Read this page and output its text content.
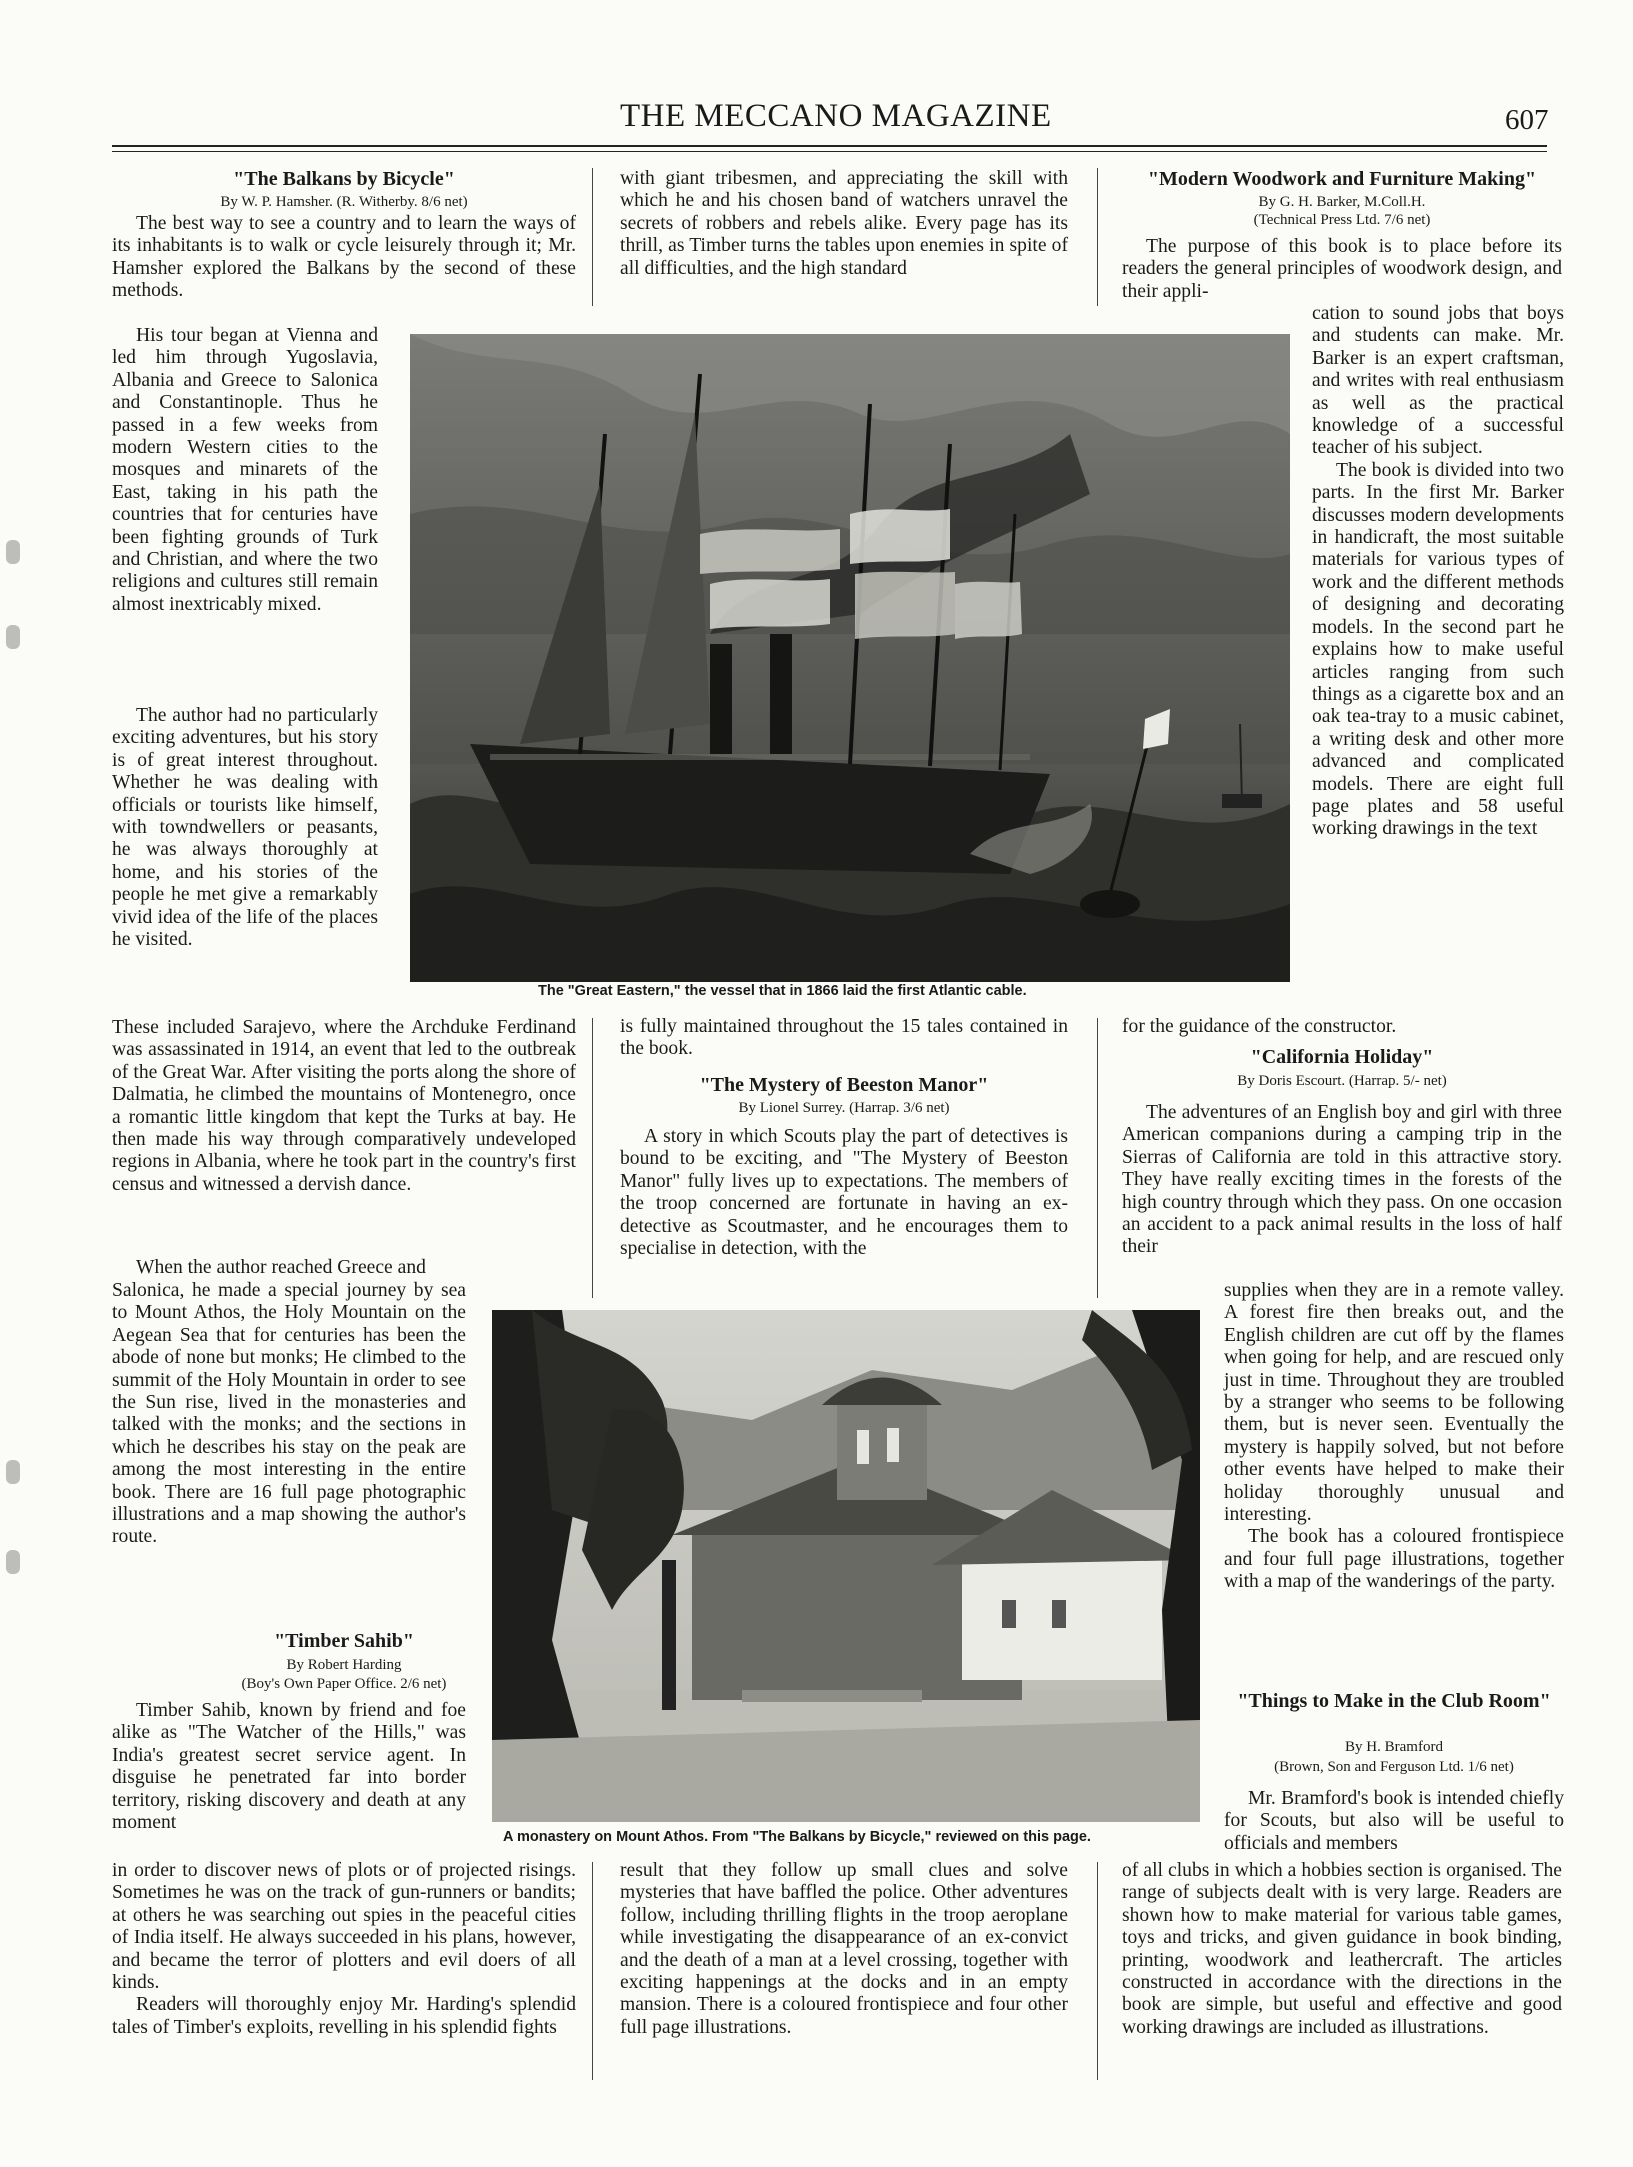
THE MECCANO MAGAZINE	607
"The Balkans by Bicycle"
By W. P. Hamsher. (R. Witherby. 8/6 net)

The best way to see a country and to learn the ways of its inhabitants is to walk or cycle leisurely through it; Mr. Hamsher explored the Balkans by the second of these methods.

His tour began at Vienna and led him through Yugoslavia, Albania and Greece to Salonica and Constantinople. Thus he passed in a few weeks from modern Western cities to the mosques and minarets of the East, taking in his path the countries that for centuries have been fighting grounds of Turk and Christian, and where the two religions and cultures still remain almost inextricably mixed.

The author had no particularly exciting adventures, but his story is of great interest throughout. Whether he was dealing with officials or tourists like himself, with towndwellers or peasants, he was always thoroughly at home, and his stories of the people he met give a remarkably vivid idea of the life of the places he visited.

These included Sarajevo, where the Archduke Ferdinand was assassinated in 1914, an event that led to the outbreak of the Great War. After visiting the ports along the shore of Dalmatia, he climbed the mountains of Montenegro, once a romantic little kingdom that kept the Turks at bay. He then made his way through comparatively undeveloped regions in Albania, where he took part in the country's first census and witnessed a dervish dance.

When the author reached Greece and

Salonica, he made a special journey by sea to Mount Athos, the Holy Mountain on the Aegean Sea that for centuries has been the abode of none but monks; He climbed to the summit of the Holy Mountain in order to see the Sun rise, lived in the monasteries and talked with the monks; and the sections in which he describes his stay on the peak are among the most interesting in the entire book. There are 16 full page photographic illustrations and a map showing the author's route.

"Timber Sahib"
By Robert Harding
(Boy's Own Paper Office. 2/6 net)

Timber Sahib, known by friend and foe alike as "The Watcher of the Hills," was India's greatest secret service agent. In disguise he penetrated far into border territory, risking discovery and death at any moment

in order to discover news of plots or of projected risings. Sometimes he was on the track of gun-runners or bandits; at others he was searching out spies in the peaceful cities of India itself. He always succeeded in his plans, however, and became the terror of plotters and evil doers of all kinds.

Readers will thoroughly enjoy Mr. Harding's splendid tales of Timber's exploits, revelling in his splendid fights

with giant tribesmen, and appreciating the skill with which he and his chosen band of watchers unravel the secrets of robbers and rebels alike. Every page has its thrill, as Timber turns the tables upon enemies in spite of all difficulties, and the high standard

is fully maintained throughout the 15 tales contained in the book.

"The Mystery of Beeston Manor"
By Lionel Surrey. (Harrap. 3/6 net)

A story in which Scouts play the part of detectives is bound to be exciting, and "The Mystery of Beeston Manor" fully lives up to expectations. The members of the troop concerned are fortunate in having an ex-detective as Scoutmaster, and he encourages them to specialise in detection, with the

result that they follow up small clues and solve mysteries that have baffled the police. Other adventures follow, including thrilling flights in the troop aeroplane while investigating the disappearance of an ex-convict and the death of a man at a level crossing, together with exciting happenings at the docks and in an empty mansion. There is a coloured frontispiece and four other full page illustrations.

"Modern Woodwork and Furniture Making"
By G. H. Barker, M.Coll.H.
(Technical Press Ltd. 7/6 net)

The purpose of this book is to place before its readers the general principles of woodwork design, and their appli-

cation to sound jobs that boys and students can make. Mr. Barker is an expert craftsman, and writes with real enthusiasm as well as the practical knowledge of a successful teacher of his subject.

The book is divided into two parts. In the first Mr. Barker discusses modern developments in handicraft, the most suitable materials for various types of work and the different methods of designing and decorating models. In the second part he explains how to make useful articles ranging from such things as a cigarette box and an oak tea-tray to a music cabinet, a writing desk and other more advanced and complicated models. There are eight full page plates and 58 useful working drawings in the text

for the guidance of the constructor.

"California Holiday"
By Doris Escourt. (Harrap. 5/- net)

The adventures of an English boy and girl with three American companions during a camping trip in the Sierras of California are told in this attractive story. They have really exciting times in the forests of the high country through which they pass. On one occasion an accident to a pack animal results in the loss of half their

supplies when they are in a remote valley. A forest fire then breaks out, and the English children are cut off by the flames when going for help, and are rescued only just in time. Throughout they are troubled by a stranger who seems to be following them, but is never seen. Eventually the mystery is happily solved, but not before other events have helped to make their holiday thoroughly unusual and interesting.

The book has a coloured frontispiece and four full page illustrations, together with a map of the wanderings of the party.

"Things to Make in the Club Room"
By H. Bramford
(Brown, Son and Ferguson Ltd. 1/6 net)

Mr. Bramford's book is intended chiefly for Scouts, but also will be useful to officials and members

of all clubs in which a hobbies section is organised. The range of subjects dealt with is very large. Readers are shown how to make material for various table games, toys and tricks, and given guidance in book binding, printing, woodwork and leathercraft. The articles constructed in accordance with the directions in the book are simple, but useful and effective and good working drawings are included as illustrations.

The "Great Eastern," the vessel that in 1866 laid the first Atlantic cable.
A monastery on Mount Athos. From "The Balkans by Bicycle," reviewed on this page.
